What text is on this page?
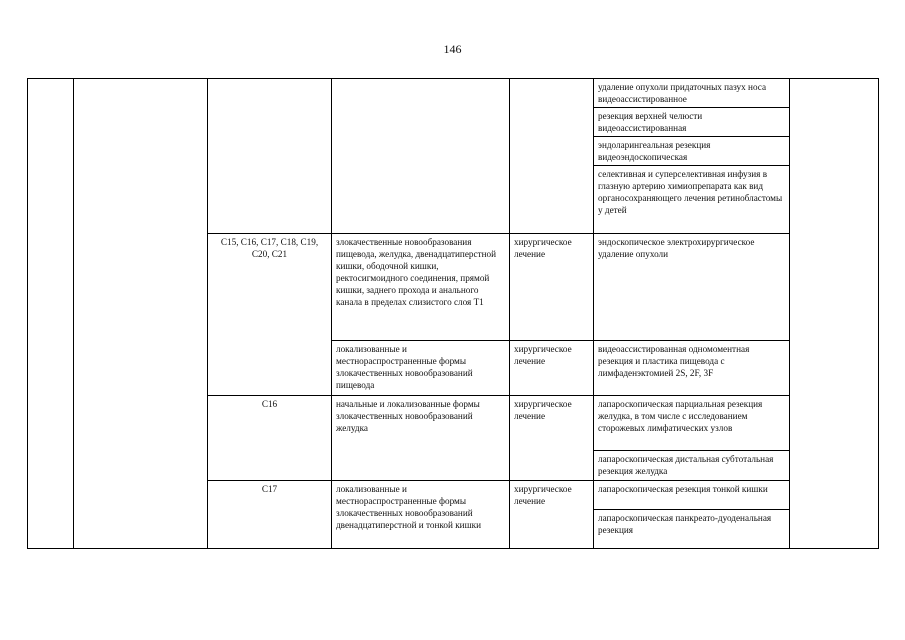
146
					удаление опухоли придаточных пазух носа видеоассистированное	
					резекция верхней челюсти видеоассистированная	
					эндоларингеальная резекция видеоэндоскопическая	
					селективная и суперселективная инфузия в глазную артерию химиопрепарата как вид органосохраняющего лечения ретинобластомы у детей	
		C15, C16, C17, C18, C19, C20, C21	злокачественные новообразования пищевода, желудка, двенадцатиперстной кишки, ободочной кишки, ректосигмоидного соединения, прямой кишки, заднего прохода и анального канала в пределах слизистого слоя T1	хирургическое лечение	эндоскопическое электрохирургическое удаление опухоли	
			локализованные и местнораспространенные формы злокачественных новообразований пищевода	хирургическое лечение	видеоассистированная одномоментная резекция и пластика пищевода с лимфаденэктомией 2S, 2F, 3F	
		C16	начальные и локализованные формы злокачественных новообразований желудка	хирургическое лечение	лапароскопическая парциальная резекция желудка, в том числе с исследованием сторожевых лимфатических узлов	
					лапароскопическая дистальная субтотальная резекция желудка	
		C17	локализованные и местнораспространенные формы злокачественных новообразований двенадцатиперстной и тонкой кишки	хирургическое лечение	лапароскопическая резекция тонкой кишки	
					лапароскопическая панкреато-дуоденальная резекция	
